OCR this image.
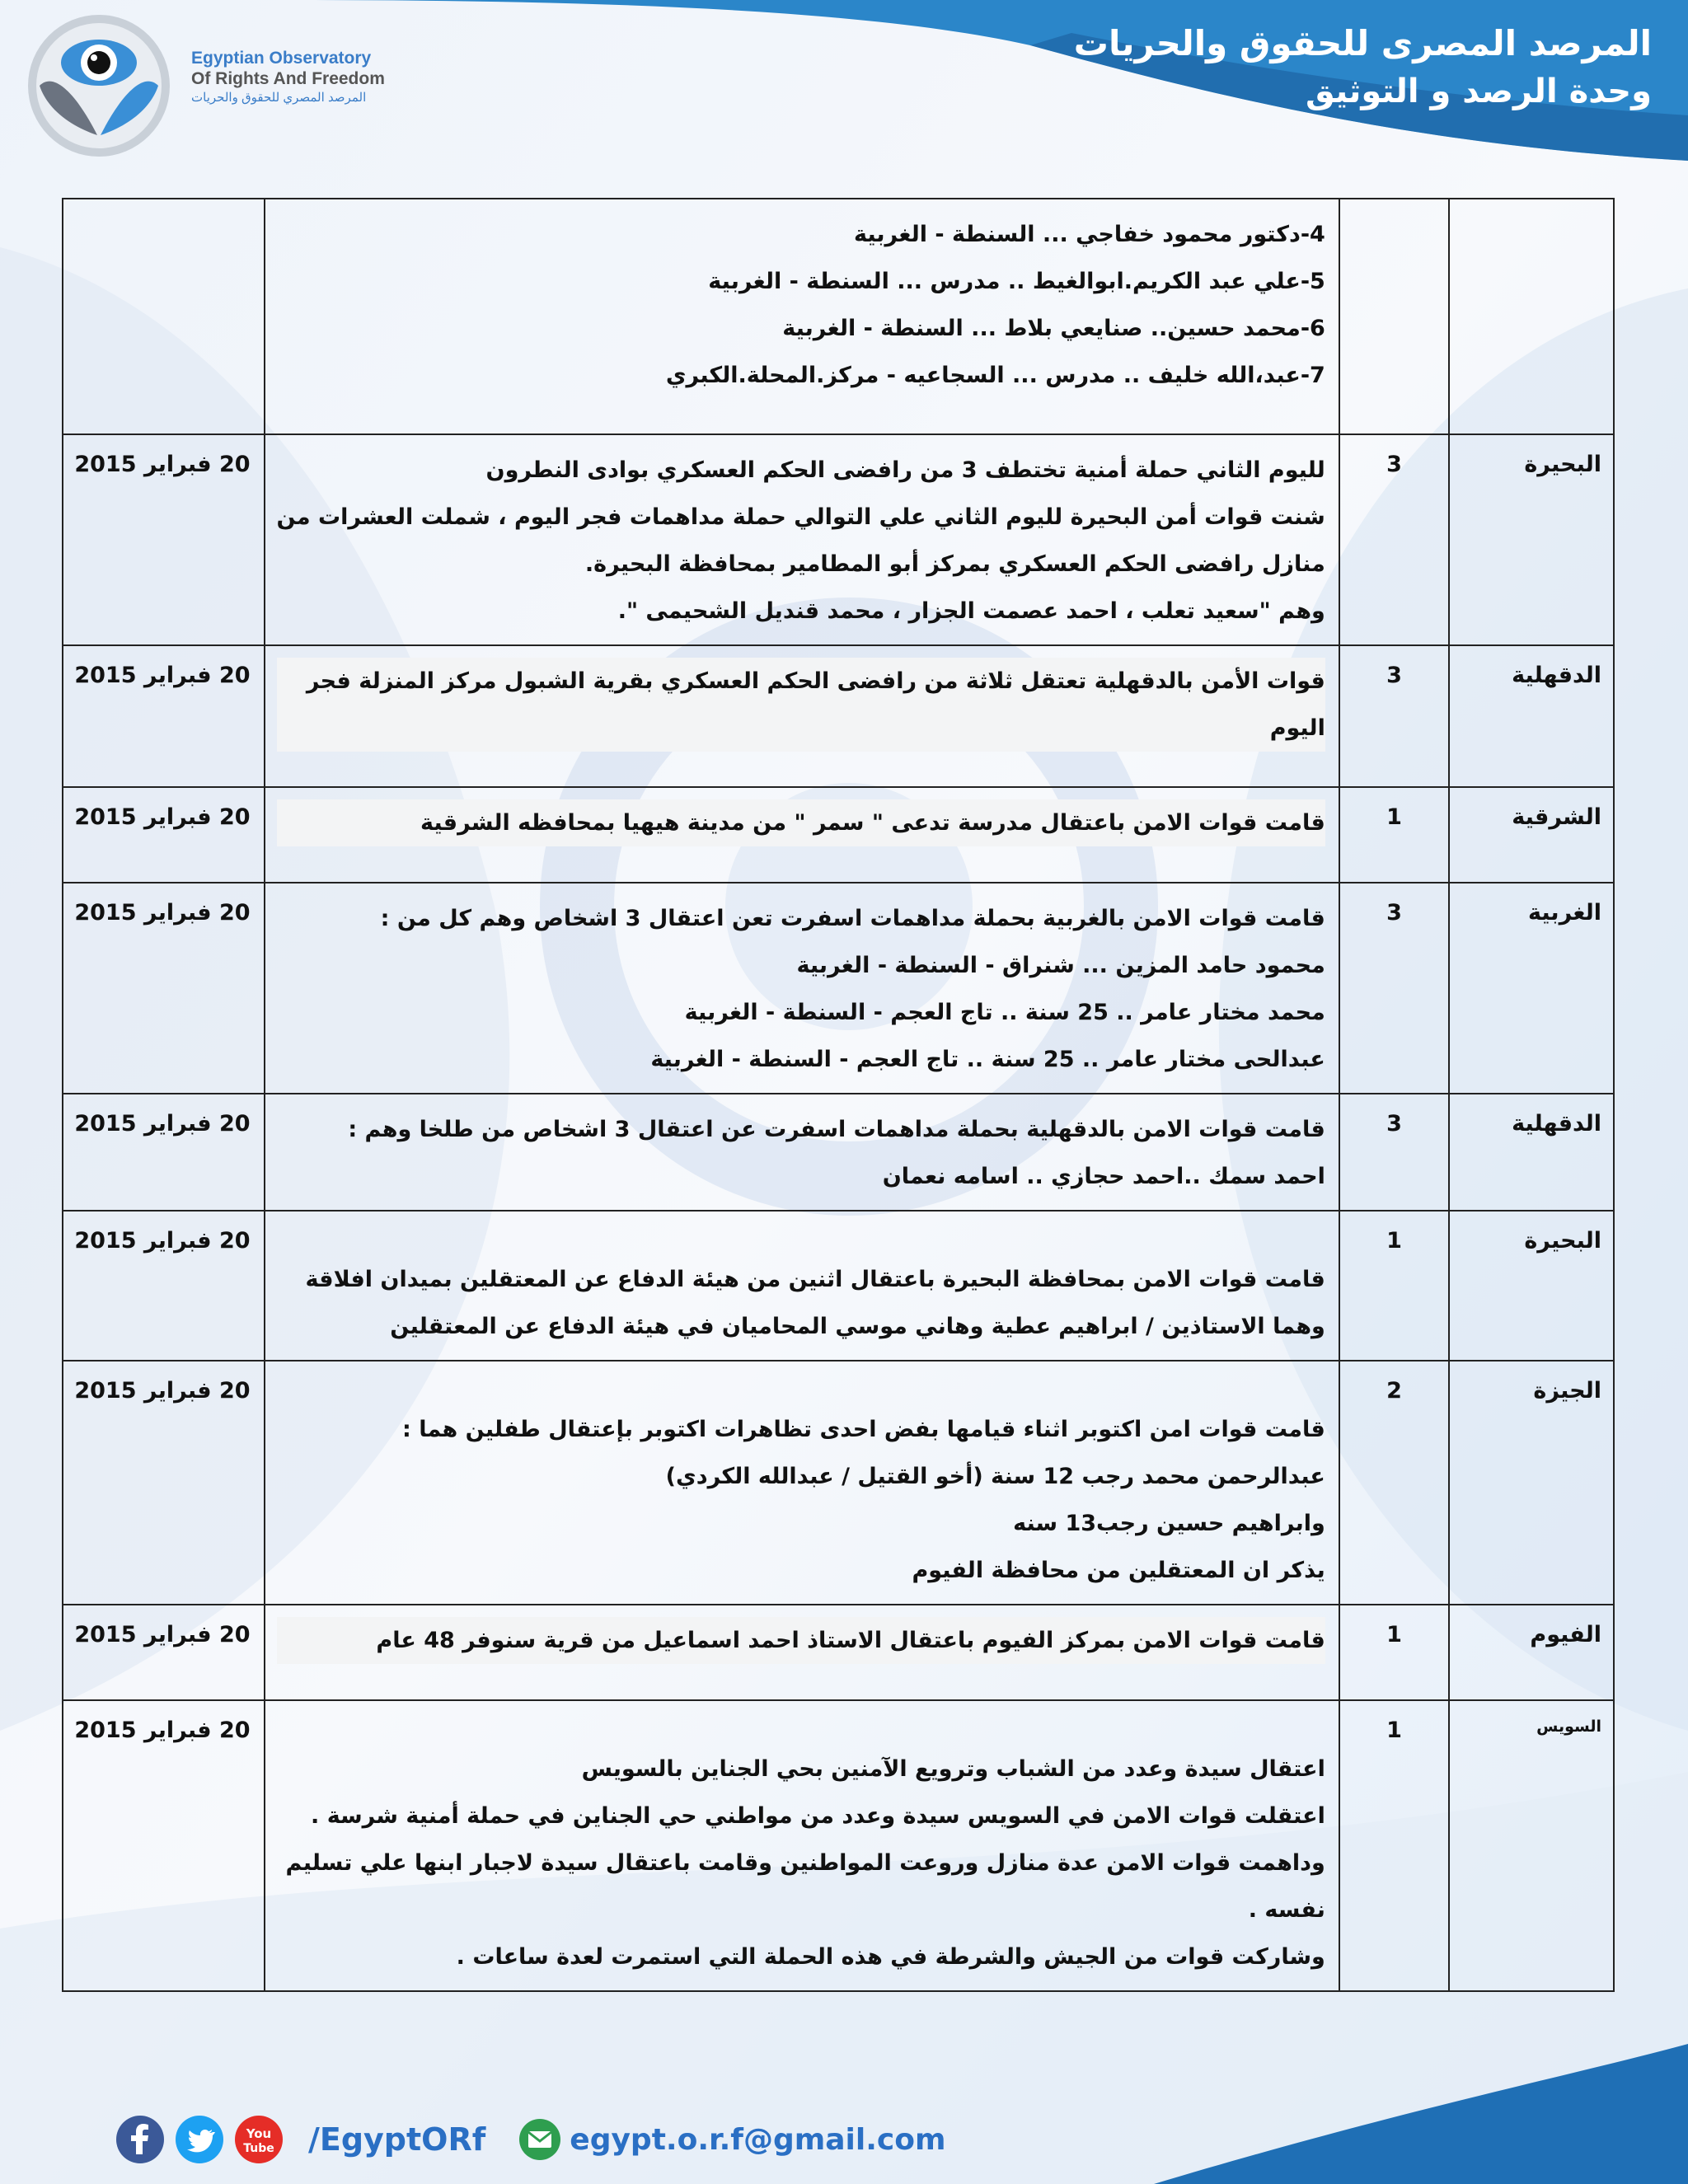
Egyptian Observatory
Of Rights And Freedom
المرصد المصري للحقوق والحريات
المرصد المصرى للحقوق والحريات
وحدة الرصد و التوثيق

		4-دكتور محمود خفاجي ... السنطة - الغربية
5-علي عبد الكريم.ابوالغيط .. مدرس ... السنطة - الغربية
6-محمد حسين.. صنايعي بلاط ... السنطة - الغربية
7-عبد،الله خليف .. مدرس ... السجاعيه - مركز.المحلة.الكبري	

البحيرة	3	لليوم الثاني حملة أمنية تختطف 3 من رافضى الحكم العسكري بوادى النطرون
شنت قوات أمن البحيرة لليوم الثاني علي التوالي حملة مداهمات فجر اليوم ، شملت العشرات من
منازل رافضى الحكم العسكري بمركز أبو المطامير بمحافظة البحيرة.
وهم "سعيد تعلب ، احمد عصمت الجزار ، محمد قنديل الشحيمى ".	20 فبراير 2015
الدقهلية	3	قوات الأمن بالدقهلية تعتقل ثلاثة من رافضى الحكم العسكري بقرية الشبول مركز المنزلة فجر
اليوم	20 فبراير 2015
الشرقية	1	قامت قوات الامن باعتقال مدرسة تدعى " سمر " من مدينة هيهيا بمحافظه الشرقية	20 فبراير 2015
الغربية	3	قامت قوات الامن بالغربية بحملة مداهمات اسفرت تعن اعتقال 3 اشخاص وهم كل من :
محمود حامد المزين ... شنراق - السنطة - الغربية
محمد مختار عامر .. 25 سنة .. تاج العجم - السنطة - الغربية
عبدالحى مختار عامر .. 25 سنة .. تاج العجم - السنطة - الغربية	20 فبراير 2015
الدقهلية	3	قامت قوات الامن بالدقهلية بحملة مداهمات اسفرت عن اعتقال 3 اشخاص من طلخا وهم :
احمد سمك ..احمد حجازي .. اسامه نعمان	20 فبراير 2015
البحيرة	1	قامت قوات الامن بمحافظة البحيرة باعتقال اثنين من هيئة الدفاع عن المعتقلين بميدان افلاقة
وهما الاستاذين / ابراهيم عطية وهاني موسي المحاميان في هيئة الدفاع عن المعتقلين	20 فبراير 2015
الجيزة	2	قامت قوات امن اكتوبر اثناء قيامها بفض احدى تظاهرات اكتوبر بإعتقال طفلين هما :
عبدالرحمن محمد رجب 12 سنة (أخو القتيل / عبدالله الكردي)
وابراهيم حسين رجب13 سنه
يذكر ان المعتقلين من محافظة الفيوم	20 فبراير 2015
الفيوم	1	قامت قوات الامن بمركز الفيوم باعتقال الاستاذ احمد اسماعيل من قرية سنوفر 48 عام	20 فبراير 2015
السويس	1	اعتقال سيدة وعدد من الشباب وترويع الآمنين بحي الجناين بالسويس
اعتقلت قوات الامن في السويس سيدة وعدد من مواطني حي الجناين في حملة أمنية شرسة .
وداهمت قوات الامن عدة منازل وروعت المواطنين وقامت باعتقال سيدة لاجبار ابنها علي تسليم
نفسه .
وشاركت قوات من الجيش والشرطة في هذه الحملة التي استمرت لعدة ساعات .	20 فبراير 2015
You
Tube /EgyptORf	egypt.o.r.f@gmail.com
